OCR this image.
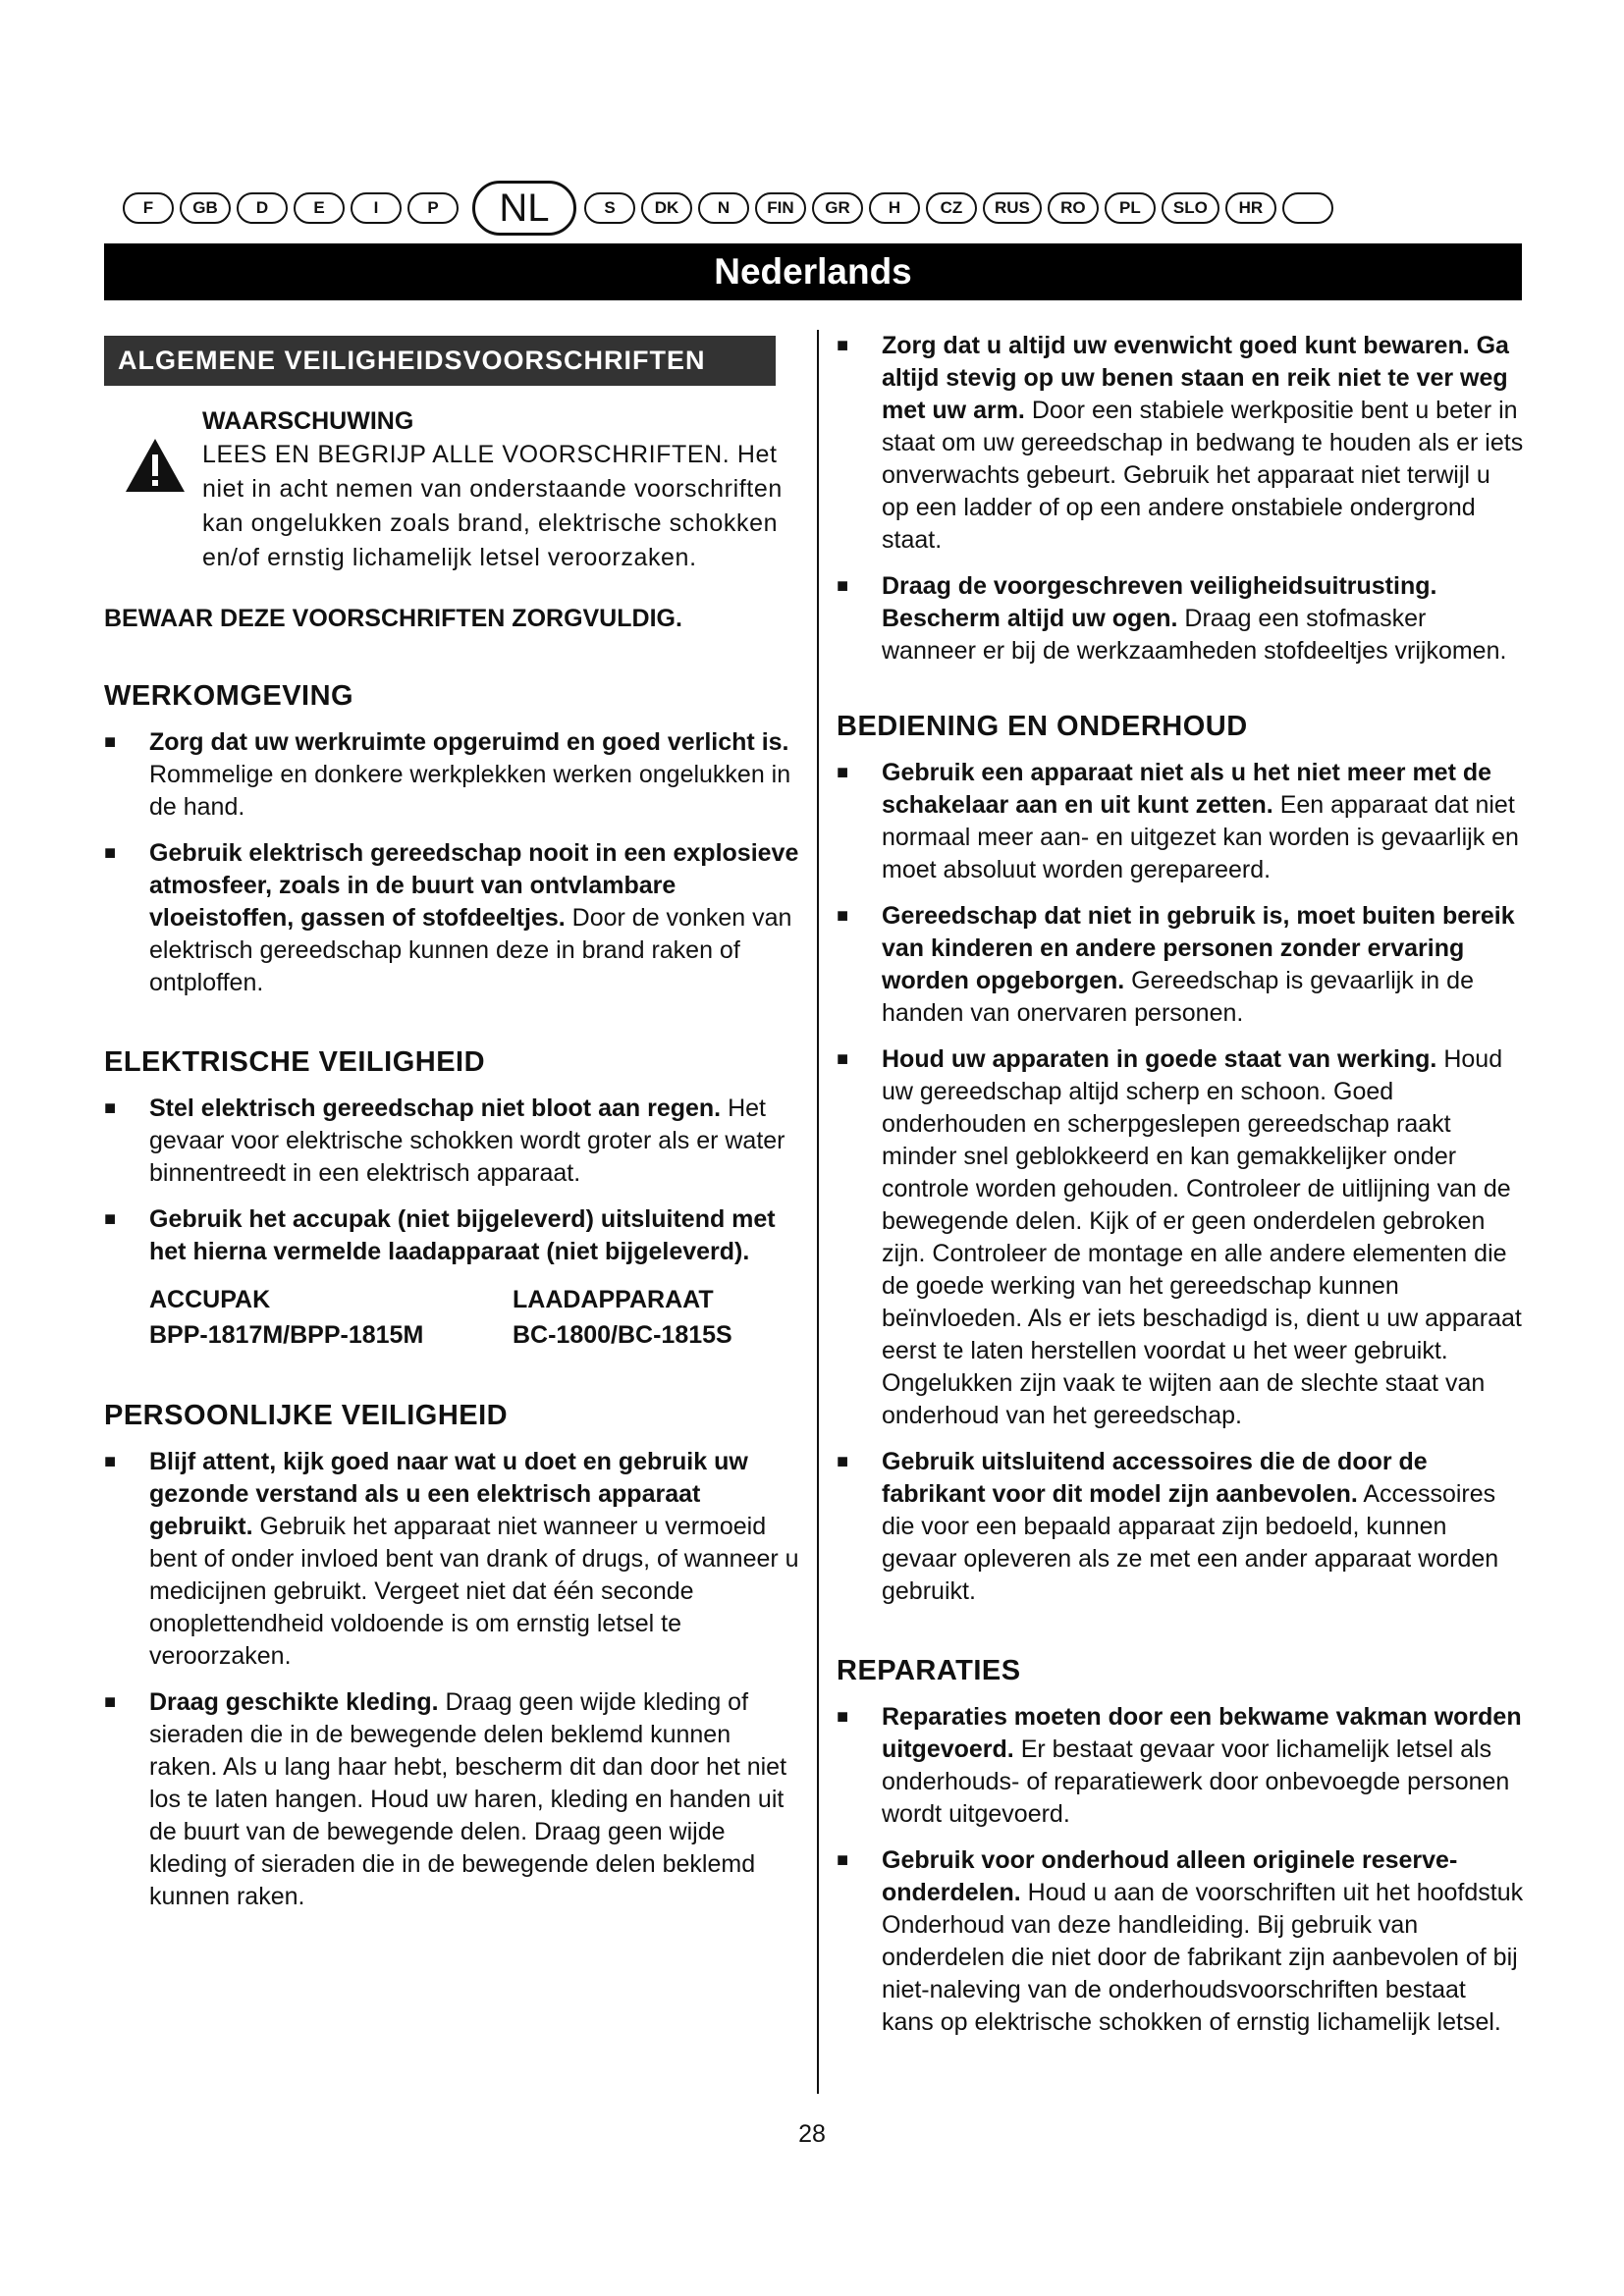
F	GB	D	E	I	P	NL	S	DK	N	FIN	GR	H	CZ	RUS	RO	PL	SLO	HR
Nederlands
ALGEMENE VEILIGHEIDSVOORSCHRIFTEN
WAARSCHUWING
LEES EN BEGRIJP ALLE VOORSCHRIFTEN. Het niet in acht nemen van onderstaande voorschriften kan ongelukken zoals brand, elektrische schokken en/of ernstig lichamelijk letsel veroorzaken.
BEWAAR DEZE VOORSCHRIFTEN ZORGVULDIG.
WERKOMGEVING
■ Zorg dat uw werkruimte opgeruimd en goed verlicht is. Rommelige en donkere werkplekken werken ongelukken in de hand.
■ Gebruik elektrisch gereedschap nooit in een explosieve atmosfeer, zoals in de buurt van ontvlambare vloeistoffen, gassen of stofdeeltjes. Door de vonken van elektrisch gereedschap kunnen deze in brand raken of ontploffen.
ELEKTRISCHE VEILIGHEID
■ Stel elektrisch gereedschap niet bloot aan regen. Het gevaar voor elektrische schokken wordt groter als er water binnentreedt in een elektrisch apparaat.
■ Gebruik het accupak (niet bijgeleverd) uitsluitend met het hierna vermelde laadapparaat (niet bijgeleverd).
ACCUPAK	LAADAPPARAAT
BPP-1817M/BPP-1815M	BC-1800/BC-1815S
PERSOONLIJKE VEILIGHEID
■ Blijf attent, kijk goed naar wat u doet en gebruik uw gezonde verstand als u een elektrisch apparaat gebruikt. Gebruik het apparaat niet wanneer u vermoeid bent of onder invloed bent van drank of drugs, of wanneer u medicijnen gebruikt. Vergeet niet dat één seconde onoplettendheid voldoende is om ernstig letsel te veroorzaken.
■ Draag geschikte kleding. Draag geen wijde kleding of sieraden die in de bewegende delen beklemd kunnen raken. Als u lang haar hebt, bescherm dit dan door het niet los te laten hangen. Houd uw haren, kleding en handen uit de buurt van de bewegende delen. Draag geen wijde kleding of sieraden die in de bewegende delen beklemd kunnen raken.
■ Zorg dat u altijd uw evenwicht goed kunt bewaren. Ga altijd stevig op uw benen staan en reik niet te ver weg met uw arm. Door een stabiele werkpositie bent u beter in staat om uw gereedschap in bedwang te houden als er iets onverwachts gebeurt. Gebruik het apparaat niet terwijl u op een ladder of op een andere onstabiele ondergrond staat.
■ Draag de voorgeschreven veiligheidsuitrusting. Bescherm altijd uw ogen. Draag een stofmasker wanneer er bij de werkzaamheden stofdeeltjes vrijkomen.
BEDIENING EN ONDERHOUD
■ Gebruik een apparaat niet als u het niet meer met de schakelaar aan en uit kunt zetten. Een apparaat dat niet normaal meer aan- en uitgezet kan worden is gevaarlijk en moet absoluut worden gerepareerd.
■ Gereedschap dat niet in gebruik is, moet buiten bereik van kinderen en andere personen zonder ervaring worden opgeborgen. Gereedschap is gevaarlijk in de handen van onervaren personen.
■ Houd uw apparaten in goede staat van werking. Houd uw gereedschap altijd scherp en schoon. Goed onderhouden en scherpgeslepen gereedschap raakt minder snel geblokkeerd en kan gemakkelijker onder controle worden gehouden. Controleer de uitlijning van de bewegende delen. Kijk of er geen onderdelen gebroken zijn. Controleer de montage en alle andere elementen die de goede werking van het gereedschap kunnen beïnvloeden. Als er iets beschadigd is, dient u uw apparaat eerst te laten herstellen voordat u het weer gebruikt. Ongelukken zijn vaak te wijten aan de slechte staat van onderhoud van het gereedschap.
■ Gebruik uitsluitend accessoires die de door de fabrikant voor dit model zijn aanbevolen. Accessoires die voor een bepaald apparaat zijn bedoeld, kunnen gevaar opleveren als ze met een ander apparaat worden gebruikt.
REPARATIES
■ Reparaties moeten door een bekwame vakman worden uitgevoerd. Er bestaat gevaar voor lichamelijk letsel als onderhouds- of reparatiewerk door onbevoegde personen wordt uitgevoerd.
■ Gebruik voor onderhoud alleen originele reserve-onderdelen. Houd u aan de voorschriften uit het hoofdstuk Onderhoud van deze handleiding. Bij gebruik van onderdelen die niet door de fabrikant zijn aanbevolen of bij niet-naleving van de onderhoudsvoorschriften bestaat kans op elektrische schokken of ernstig lichamelijk letsel.
28
